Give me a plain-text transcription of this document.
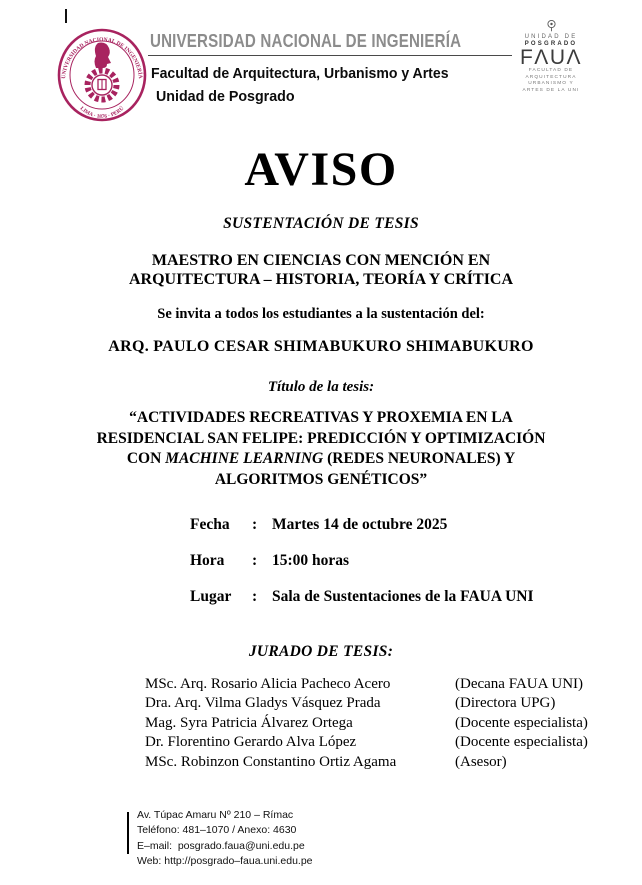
UNIVERSIDAD NACIONAL DE INGENIERÍA
LIMA · 1876 · PERÚ
UNIVERSIDAD NACIONAL DE INGENIERÍA
Facultad de Arquitectura, Urbanismo y Artes
Unidad de Posgrado
UNIDAD DE
POSGRADO
FΛUΛ
FACULTAD DE
ARQUITECTURA
URBANISMO Y
ARTES DE LA UNI
AVISO
SUSTENTACIÓN DE TESIS
MAESTRO EN CIENCIAS CON MENCIÓN EN
ARQUITECTURA – HISTORIA, TEORÍA Y CRÍTICA
Se invita a todos los estudiantes a la sustentación del:
ARQ. PAULO CESAR SHIMABUKURO SHIMABUKURO
Título de la tesis:
“ACTIVIDADES RECREATIVAS Y PROXEMIA EN LA
RESIDENCIAL SAN FELIPE: PREDICCIÓN Y OPTIMIZACIÓN
CON MACHINE LEARNING (REDES NEURONALES) Y
ALGORITMOS GENÉTICOS”
Fecha	: Martes 14 de octubre 2025
Hora	: 15:00 horas
Lugar	: Sala de Sustentaciones de la FAUA UNI
JURADO DE TESIS:
MSc. Arq. Rosario Alicia Pacheco Acero	(Decana FAUA UNI)
Dra. Arq. Vilma Gladys Vásquez Prada	(Directora UPG)
Mag. Syra Patricia Álvarez Ortega	(Docente especialista)
Dr. Florentino Gerardo Alva López	(Docente especialista)
MSc. Robinzon Constantino Ortiz Agama	(Asesor)
Av. Túpac Amaru Nº 210 – Rímac
Teléfono: 481–1070 / Anexo: 4630
E–mail:  posgrado.faua@uni.edu.pe
Web: http://posgrado–faua.uni.edu.pe
